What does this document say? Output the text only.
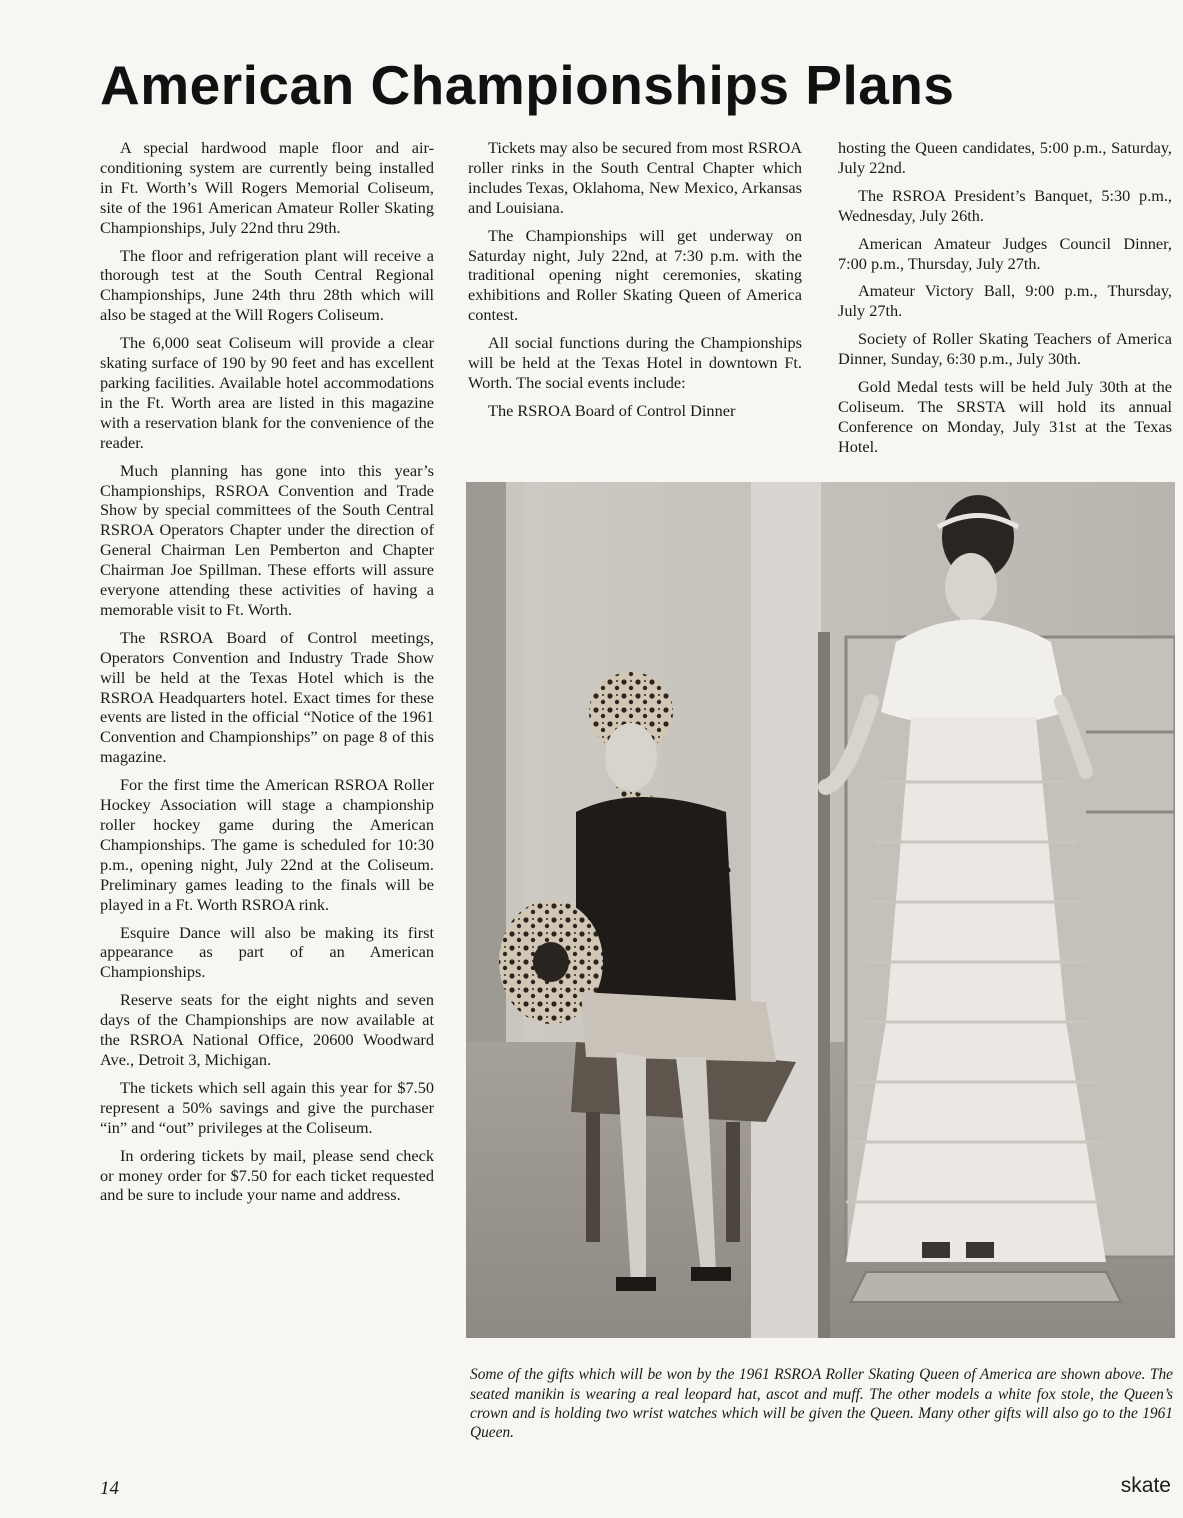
American Championships Plans

A special hardwood maple floor and air-conditioning system are currently being installed in Ft. Worth’s Will Rogers Memorial Coliseum, site of the 1961 American Amateur Roller Skating Championships, July 22nd thru 29th.

The floor and refrigeration plant will receive a thorough test at the South Central Regional Championships, June 24th thru 28th which will also be staged at the Will Rogers Coliseum.

The 6,000 seat Coliseum will provide a clear skating surface of 190 by 90 feet and has excellent parking facilities. Available hotel accommodations in the Ft. Worth area are listed in this magazine with a reservation blank for the convenience of the reader.

Much planning has gone into this year’s Championships, RSROA Convention and Trade Show by special committees of the South Central RSROA Operators Chapter under the direction of General Chairman Len Pemberton and Chapter Chairman Joe Spillman. These efforts will assure everyone attending these activities of having a memorable visit to Ft. Worth.

The RSROA Board of Control meetings, Operators Convention and Industry Trade Show will be held at the Texas Hotel which is the RSROA Headquarters hotel. Exact times for these events are listed in the official “Notice of the 1961 Convention and Championships” on page 8 of this magazine.

For the first time the American RSROA Roller Hockey Association will stage a championship roller hockey game during the American Championships. The game is scheduled for 10:30 p.m., opening night, July 22nd at the Coliseum. Preliminary games leading to the finals will be played in a Ft. Worth RSROA rink.

Esquire Dance will also be making its first appearance as part of an American Championships.

Reserve seats for the eight nights and seven days of the Championships are now available at the RSROA National Office, 20600 Woodward Ave., Detroit 3, Michigan.

The tickets which sell again this year for $7.50 represent a 50% savings and give the purchaser “in” and “out” privileges at the Coliseum.

In ordering tickets by mail, please send check or money order for $7.50 for each ticket requested and be sure to include your name and address.

Tickets may also be secured from most RSROA roller rinks in the South Central Chapter which includes Texas, Oklahoma, New Mexico, Arkansas and Louisiana.

The Championships will get underway on Saturday night, July 22nd, at 7:30 p.m. with the traditional opening night ceremonies, skating exhibitions and Roller Skating Queen of America contest.

All social functions during the Championships will be held at the Texas Hotel in downtown Ft. Worth. The social events include:

The RSROA Board of Control Dinner

hosting the Queen candidates, 5:00 p.m., Saturday, July 22nd.

The RSROA President’s Banquet, 5:30 p.m., Wednesday, July 26th.

American Amateur Judges Council Dinner, 7:00 p.m., Thursday, July 27th.

Amateur Victory Ball, 9:00 p.m., Thursday, July 27th.

Society of Roller Skating Teachers of America Dinner, Sunday, 6:30 p.m., July 30th.

Gold Medal tests will be held July 30th at the Coliseum. The SRSTA will hold its annual Conference on Monday, July 31st at the Texas Hotel.

Some of the gifts which will be won by the 1961 RSROA Roller Skating Queen of America are shown above. The seated manikin is wearing a real leopard hat, ascot and muff. The other models a white fox stole, the Queen’s crown and is holding two wrist watches which will be given the Queen. Many other gifts will also go to the 1961 Queen.

14	skate
